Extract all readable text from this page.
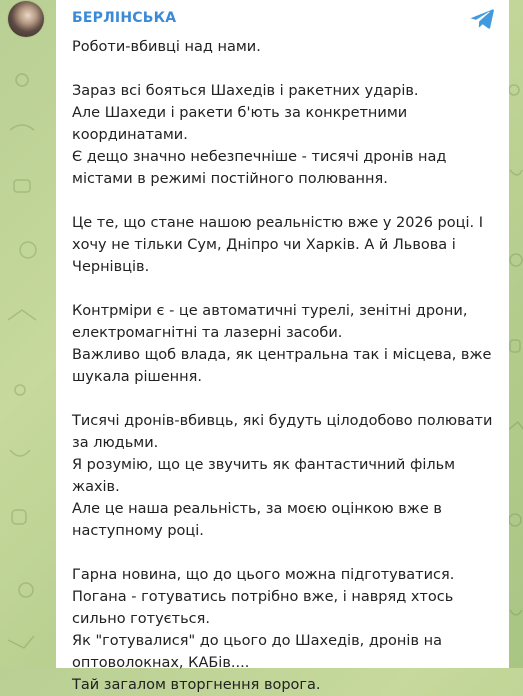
БЕРЛІНСЬКА
Роботи-вбивці над нами.
Зараз всі бояться Шахедів і ракетних ударів.
Але Шахеди і ракети б'ють за конкретними
координатами.
Є дещо значно небезпечніше - тисячі дронів над
містами в режимі постійного полювання.
Це те, що стане нашою реальністю вже у 2026 році. І
хочу не тільки Сум, Дніпро чи Харків. А й Львова і
Чернівців.
Контрміри є - це автоматичні турелі, зенітні дрони,
електромагнітні та лазерні засоби.
Важливо щоб влада, як центральна так і місцева, вже
шукала рішення.
Тисячі дронів-вбивць, які будуть цілодобово полювати
за людьми.
Я розумію, що це звучить як фантастичний фільм
жахів.
Але це наша реальність, за моєю оцінкою вже в
наступному році.
Гарна новина, що до цього можна підготуватися.
Погана - готуватись потрібно вже, і навряд хтось
сильно готується.
Як "готувалися" до цього до Шахедів, дронів на
оптоволокнах, КАБів....
Тай загалом вторгнення ворога.
